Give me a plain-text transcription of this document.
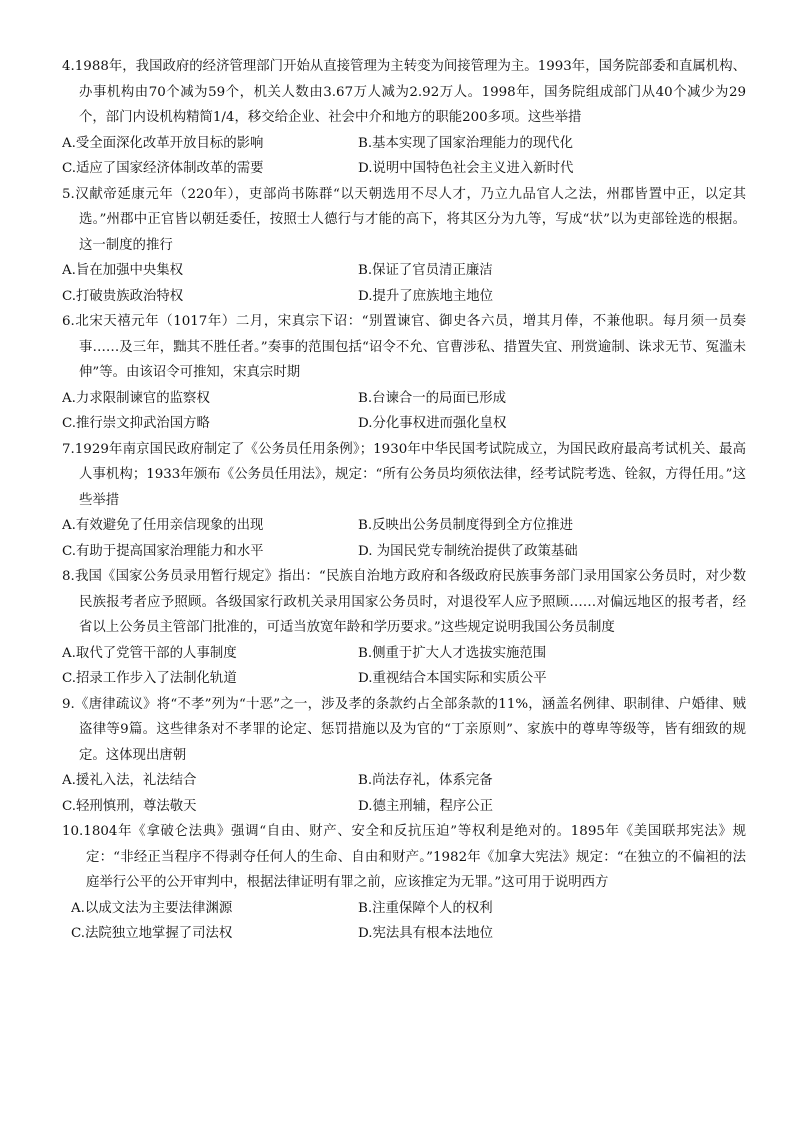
4.1988年，我国政府的经济管理部门开始从直接管理为主转变为间接管理为主。1993年，国务院部委和直属机构、办事机构由70个减为59个，机关人数由3.67万人减为2.92万人。1998年，国务院组成部门从40个减少为29个，部门内设机构精简1/4，移交给企业、社会中介和地方的职能200多项。这些举措

A.受全面深化改革开放目标的影响	B.基本实现了国家治理能力的现代化
C.适应了国家经济体制改革的需要	D.说明中国特色社会主义进入新时代

5.汉献帝延康元年（220年），吏部尚书陈群“以天朝选用不尽人才，乃立九品官人之法，州郡皆置中正，以定其选。”州郡中正官皆以朝廷委任，按照士人德行与才能的高下，将其区分为九等，写成“状”以为吏部铨选的根据。这一制度的推行

A.旨在加强中央集权	B.保证了官员清正廉洁
C.打破贵族政治特权	D.提升了庶族地主地位

6.北宋天禧元年（1017年）二月，宋真宗下诏：“别置谏官、御史各六员，增其月俸，不兼他职。每月须一员奏事……及三年，黜其不胜任者。”奏事的范围包括“诏令不允、官曹涉私、措置失宜、刑赏逾制、诛求无节、冤滥未伸”等。由该诏令可推知，宋真宗时期

A.力求限制谏官的监察权	B.台谏合一的局面已形成
C.推行崇文抑武治国方略	D.分化事权进而强化皇权

7.1929年南京国民政府制定了《公务员任用条例》；1930年中华民国考试院成立，为国民政府最高考试机关、最高人事机构；1933年颁布《公务员任用法》，规定：“所有公务员均须依法律，经考试院考选、铨叙，方得任用。”这些举措

A.有效避免了任用亲信现象的出现	B.反映出公务员制度得到全方位推进
C.有助于提高国家治理能力和水平	D. 为国民党专制统治提供了政策基础

8.我国《国家公务员录用暂行规定》指出：“民族自治地方政府和各级政府民族事务部门录用国家公务员时，对少数民族报考者应予照顾。各级国家行政机关录用国家公务员时，对退役军人应予照顾……对偏远地区的报考者，经省以上公务员主管部门批准的，可适当放宽年龄和学历要求。”这些规定说明我国公务员制度

A.取代了党管干部的人事制度	B.侧重于扩大人才选拔实施范围
C.招录工作步入了法制化轨道	D.重视结合本国实际和实质公平

9.《唐律疏议》将“不孝”列为“十恶”之一，涉及孝的条款约占全部条款的11%，涵盖名例律、职制律、户婚律、贼盗律等9篇。这些律条对不孝罪的论定、惩罚措施以及为官的“丁亲原则”、家族中的尊卑等级等，皆有细致的规定。这体现出唐朝

A.援礼入法，礼法结合	B.尚法存礼，体系完备
C.轻刑慎刑，尊法敬天	D.德主刑辅，程序公正

10.1804年《拿破仑法典》强调“自由、财产、安全和反抗压迫”等权利是绝对的。1895年《美国联邦宪法》规定：“非经正当程序不得剥夺任何人的生命、自由和财产。”1982年《加拿大宪法》规定：“在独立的不偏袒的法庭举行公平的公开审判中，根据法律证明有罪之前，应该推定为无罪。”这可用于说明西方

A.以成文法为主要法律渊源	B.注重保障个人的权利
C.法院独立地掌握了司法权	D.宪法具有根本法地位
